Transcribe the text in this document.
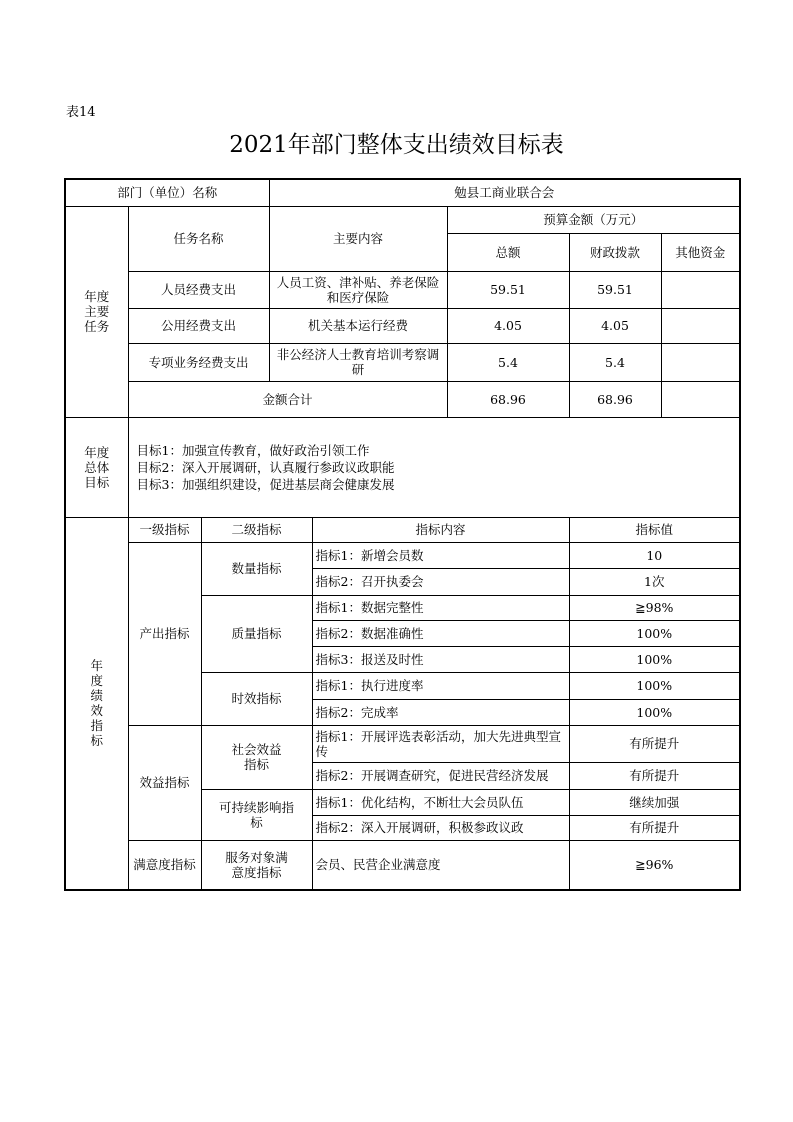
表14
2021年部门整体支出绩效目标表
部门（单位）名称			勉县工商业联合会				

年度主要任务	任务名称		主要内容		预算金额（万元）		
					总额	财政拨款	其他资金
	人员经费支出		人员工资、津补贴、养老保险和医疗保险		59.51	59.51	
	公用经费支出		机关基本运行经费		4.05	4.05	
	专项业务经费支出		非公经济人士教育培训考察调研		5.4	5.4	
	金额合计				68.96	68.96	

年度总体目标	目标1：加强宣传教育，做好政治引领工作
目标2：深入开展调研，认真履行参政议政职能
目标3：加强组织建设，促进基层商会健康发展						

年度绩效指标	一级指标	二级指标		指标内容		指标值	
	产出指标	数量指标		指标1：新增会员数		10	
				指标2：召开执委会		1次	
		质量指标		指标1：数据完整性		≧98%	
				指标2：数据准确性		100%	
				指标3：报送及时性		100%	
		时效指标		指标1：执行进度率		100%	
				指标2：完成率		100%	
	效益指标	社会效益指标		指标1：开展评选表彰活动，加大先进典型宣传		有所提升	
				指标2：开展调查研究，促进民营经济发展		有所提升	

		可持续影响指标		指标1：优化结构，不断壮大会员队伍		继续加强	
				指标2：深入开展调研，积极参政议政		有所提升	
	满意度指标	服务对象满意度指标		会员、民营企业满意度		≧96%	
